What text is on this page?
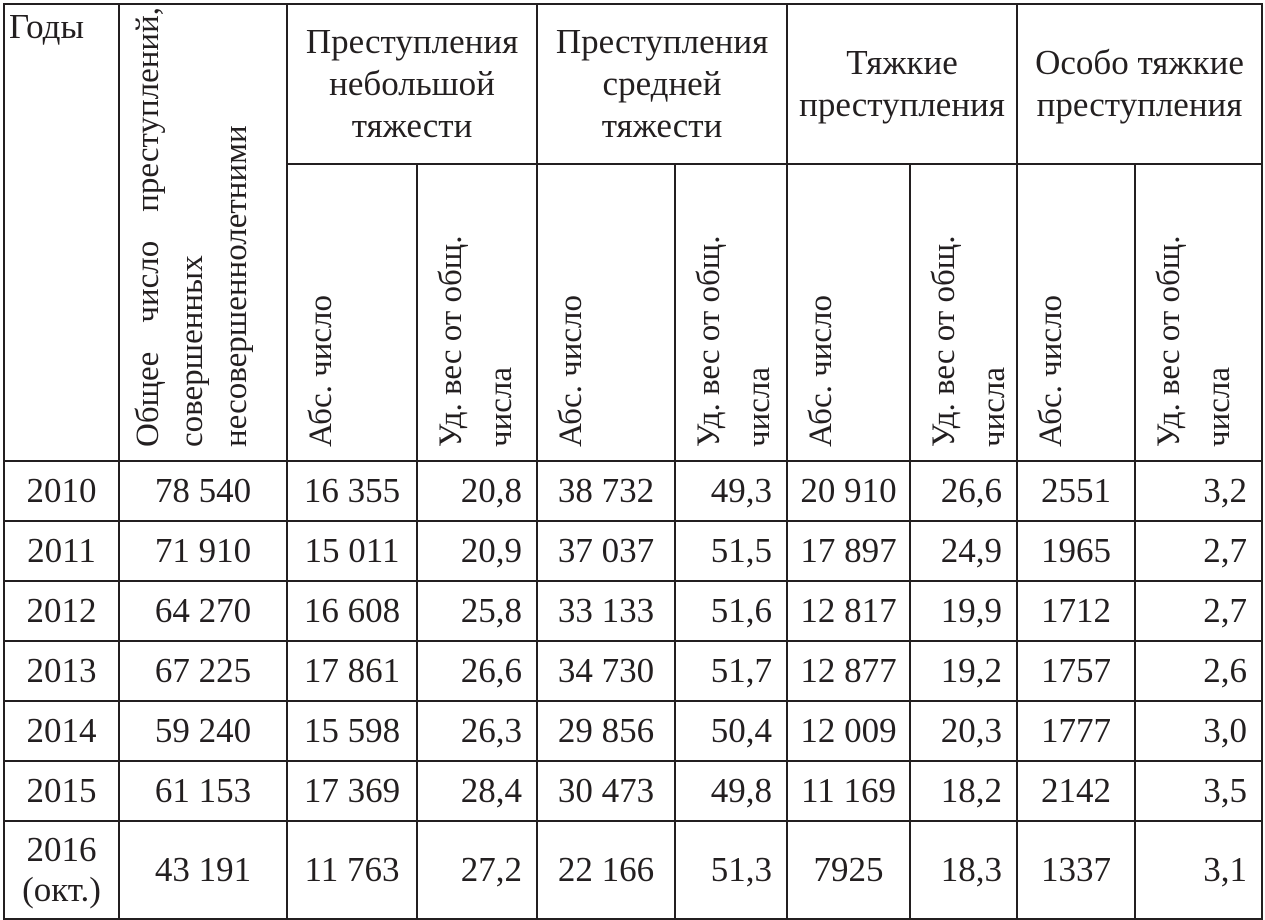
Годы	Общее число преступлений, совершенных несовершеннолетними	Преступления небольшой тяжести		Преступления средней тяжести		Тяжкие преступления		Особо тяжкие преступления	
		Абс. число	Уд. вес от общ. числа	Абс. число	Уд. вес от общ. числа	Абс. число	Уд. вес от общ. числа	Абс. число	Уд. вес от общ. числа
2010	78 540	16 355	20,8	38 732	49,3	20 910	26,6	2551	3,2
2011	71 910	15 011	20,9	37 037	51,5	17 897	24,9	1965	2,7
2012	64 270	16 608	25,8	33 133	51,6	12 817	19,9	1712	2,7
2013	67 225	17 861	26,6	34 730	51,7	12 877	19,2	1757	2,6
2014	59 240	15 598	26,3	29 856	50,4	12 009	20,3	1777	3,0
2015	61 153	17 369	28,4	30 473	49,8	11 169	18,2	2142	3,5
2016
(окт.)	43 191	11 763	27,2	22 166	51,3	7925	18,3	1337	3,1
